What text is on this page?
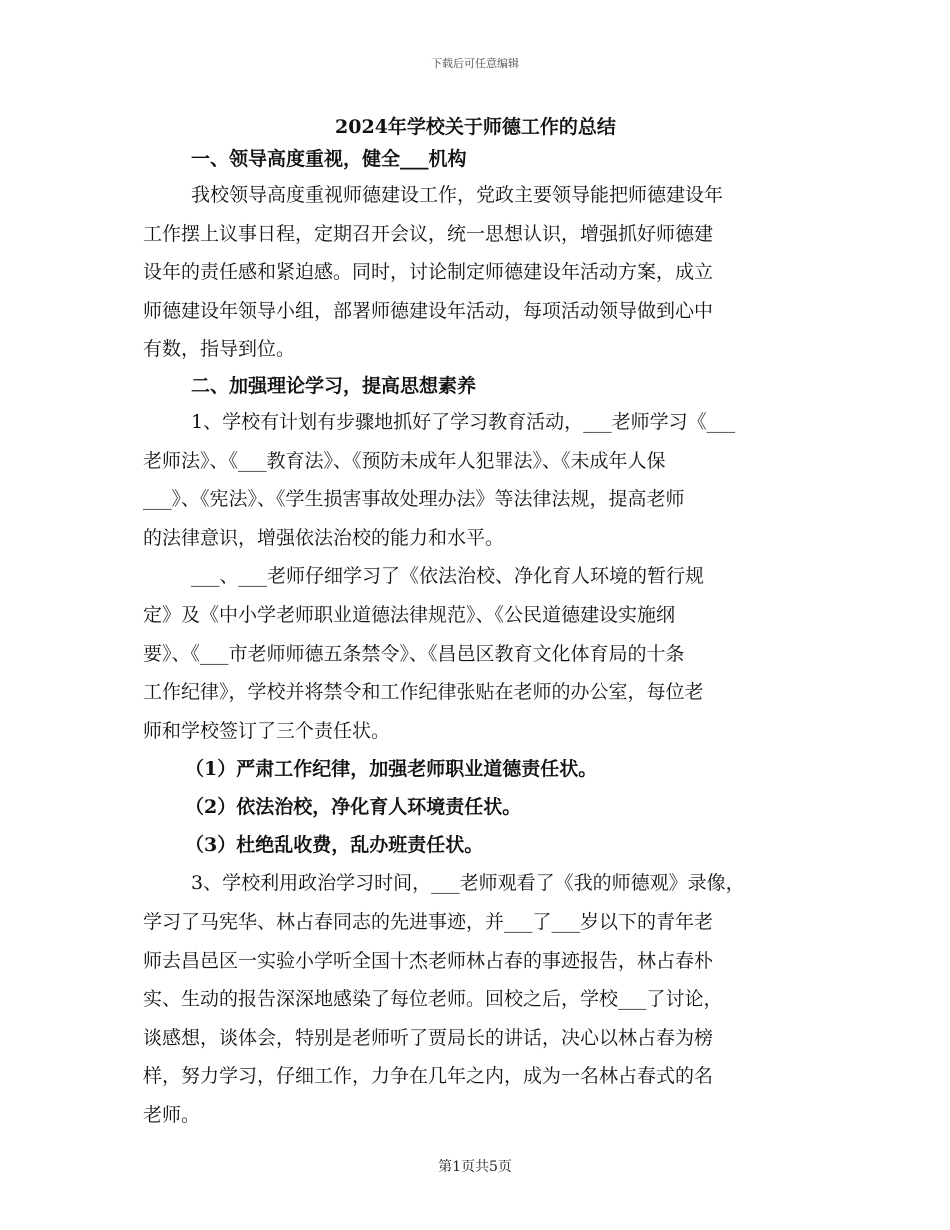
下载后可任意编辑
2024年学校关于师德工作的总结
一、领导高度重视，健全___机构
我校领导高度重视师德建设工作，党政主要领导能把师德建设年
工作摆上议事日程，定期召开会议，统一思想认识，增强抓好师德建
设年的责任感和紧迫感。同时，讨论制定师德建设年活动方案，成立
师德建设年领导小组，部署师德建设年活动，每项活动领导做到心中
有数，指导到位。
二、加强理论学习，提高思想素养
1、学校有计划有步骤地抓好了学习教育活动，___老师学习《___
老师法》、《___教育法》、《预防未成年人犯罪法》、《未成年人保
___》、《宪法》、《学生损害事故处理办法》等法律法规，提高老师
的法律意识，增强依法治校的能力和水平。
___、___老师仔细学习了《依法治校、净化育人环境的暂行规
定》及《中小学老师职业道德法律规范》、《公民道德建设实施纲
要》、《___市老师师德五条禁令》、《昌邑区教育文化体育局的十条
工作纪律》，学校并将禁令和工作纪律张贴在老师的办公室，每位老
师和学校签订了三个责任状。
（1）严肃工作纪律，加强老师职业道德责任状。
（2）依法治校，净化育人环境责任状。
（3）杜绝乱收费，乱办班责任状。
3、学校利用政治学习时间，___老师观看了《我的师德观》录像，
学习了马宪华、林占春同志的先进事迹，并___了___岁以下的青年老
师去昌邑区一实验小学听全国十杰老师林占春的事迹报告，林占春朴
实、生动的报告深深地感染了每位老师。回校之后，学校___了讨论，
谈感想，谈体会，特别是老师听了贾局长的讲话，决心以林占春为榜
样，努力学习，仔细工作，力争在几年之内，成为一名林占春式的名
老师。
第1页共5页
